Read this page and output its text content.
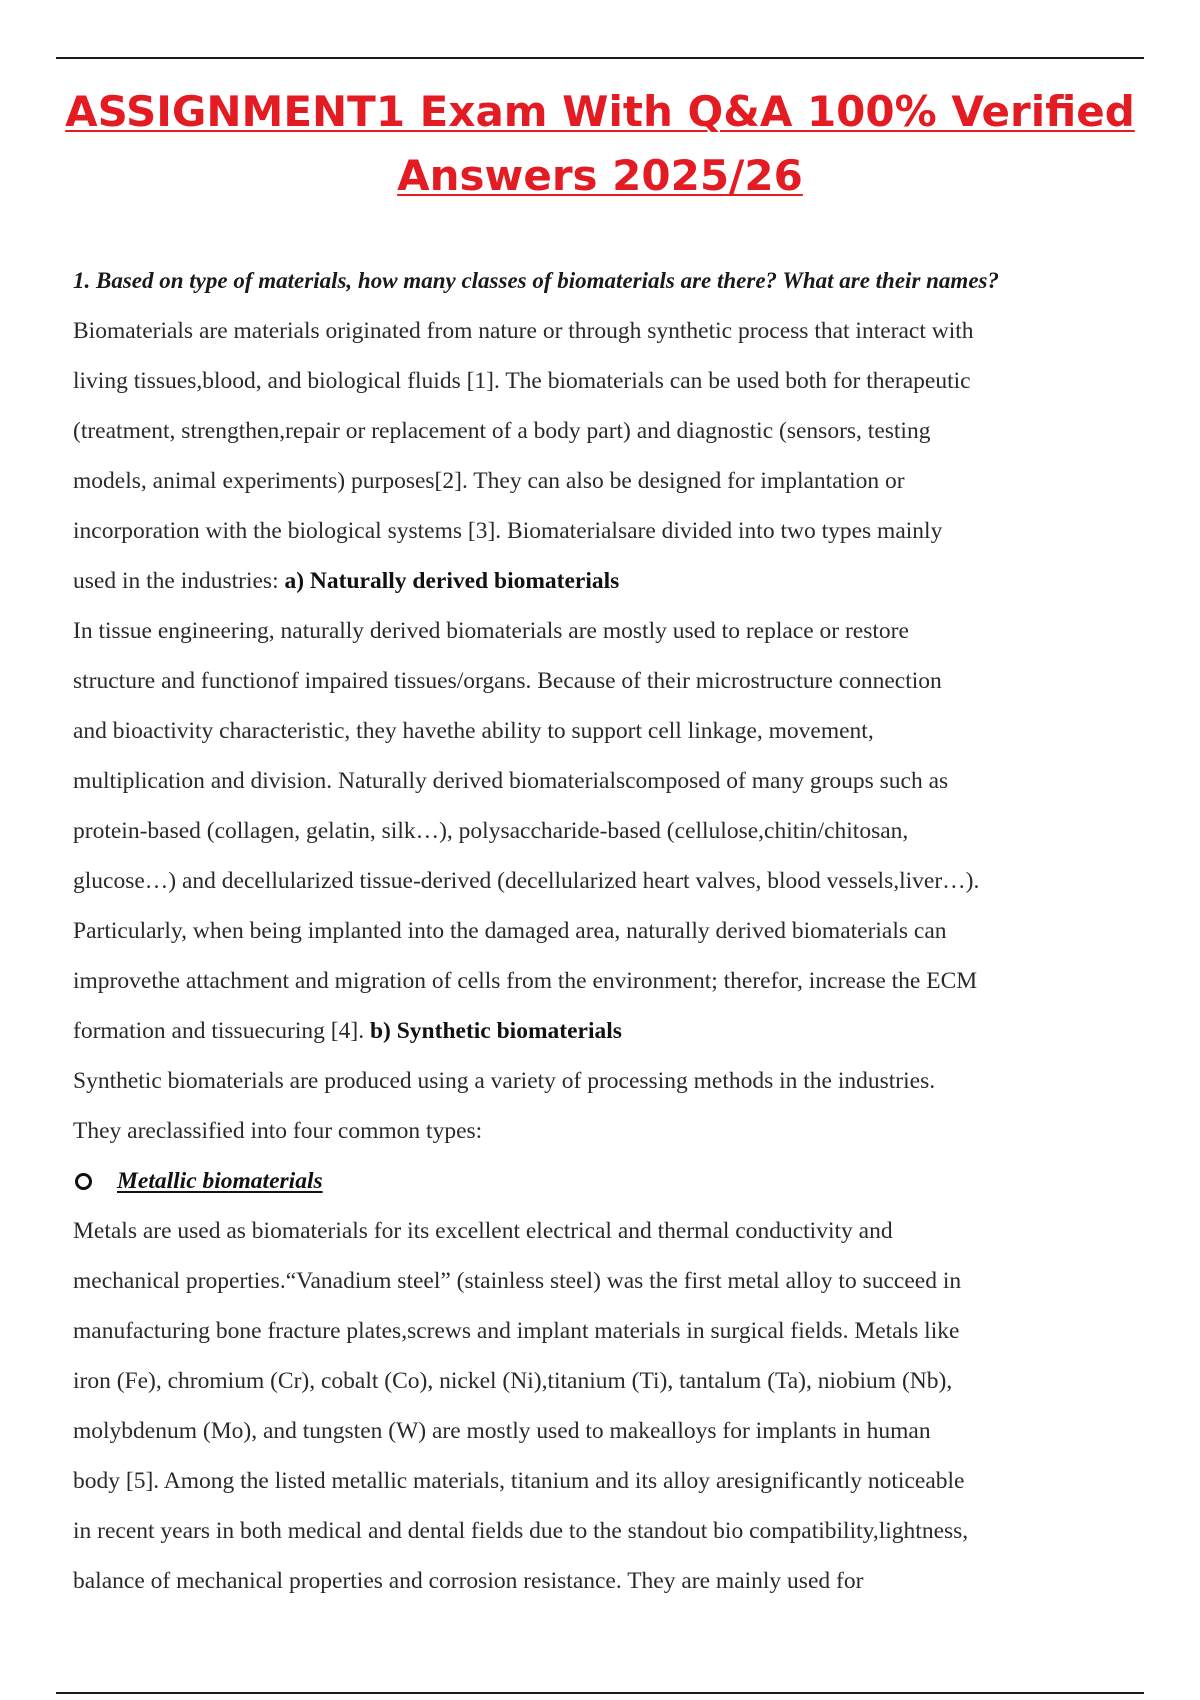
ASSIGNMENT1 Exam With Q&A 100% Verified
Answers 2025/26

1. Based on type of materials, how many classes of biomaterials are there? What are their names?

Biomaterials are materials originated from nature or through synthetic process that interact with
living tissues,blood, and biological fluids [1]. The biomaterials can be used both for therapeutic
(treatment, strengthen,repair or replacement of a body part) and diagnostic (sensors, testing
models, animal experiments) purposes[2]. They can also be designed for implantation or
incorporation with the biological systems [3]. Biomaterialsare divided into two types mainly
used in the industries: a) Naturally derived biomaterials

In tissue engineering, naturally derived biomaterials are mostly used to replace or restore
structure and functionof impaired tissues/organs. Because of their microstructure connection
and bioactivity characteristic, they havethe ability to support cell linkage, movement,
multiplication and division. Naturally derived biomaterialscomposed of many groups such as
protein-based (collagen, gelatin, silk…), polysaccharide-based (cellulose,chitin/chitosan,
glucose…) and decellularized tissue-derived (decellularized heart valves, blood vessels,liver…).
Particularly, when being implanted into the damaged area, naturally derived biomaterials can
improvethe attachment and migration of cells from the environment; therefor, increase the ECM
formation and tissuecuring [4]. b) Synthetic biomaterials

Synthetic biomaterials are produced using a variety of processing methods in the industries.
They areclassified into four common types:

Metallic biomaterials

Metals are used as biomaterials for its excellent electrical and thermal conductivity and
mechanical properties.“Vanadium steel” (stainless steel) was the first metal alloy to succeed in
manufacturing bone fracture plates,screws and implant materials in surgical fields. Metals like
iron (Fe), chromium (Cr), cobalt (Co), nickel (Ni),titanium (Ti), tantalum (Ta), niobium (Nb),
molybdenum (Mo), and tungsten (W) are mostly used to makealloys for implants in human
body [5]. Among the listed metallic materials, titanium and its alloy aresignificantly noticeable
in recent years in both medical and dental fields due to the standout bio compatibility,lightness,
balance of mechanical properties and corrosion resistance. They are mainly used for
